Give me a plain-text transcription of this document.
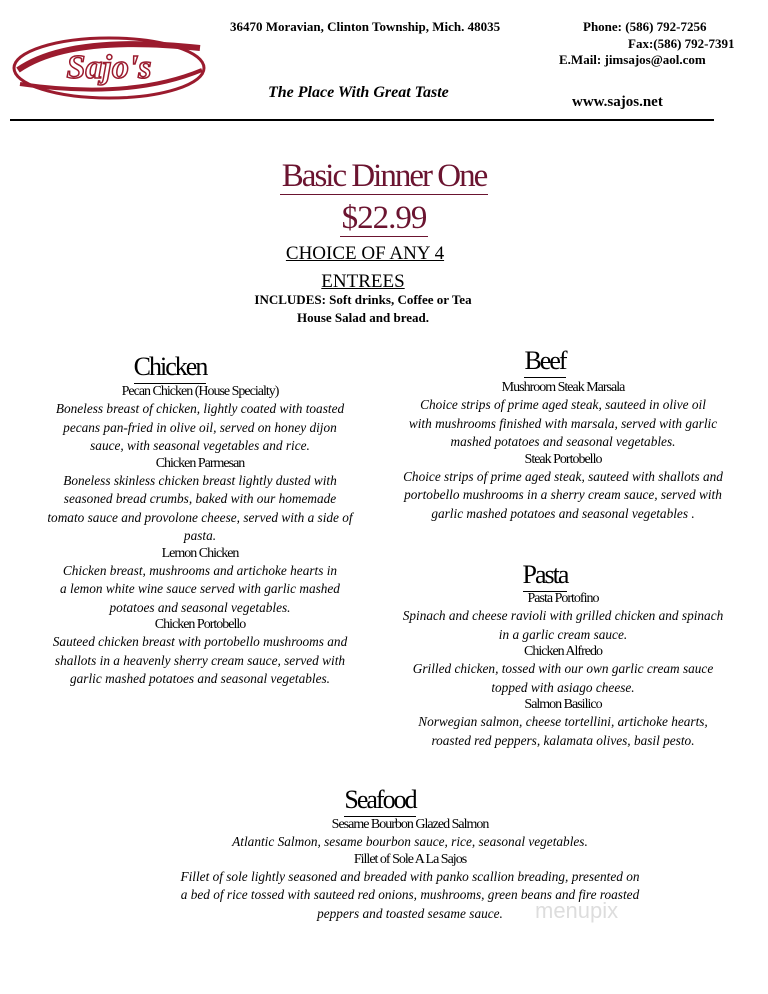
Sajo's
36470 Moravian, Clinton Township, Mich. 48035	Phone: (586) 792-7256
Fax:(586) 792-7391
E.Mail: jimsajos@aol.com
The Place With Great Taste
www.sajos.net
Basic Dinner One
$22.99
CHOICE OF ANY 4
ENTREES
INCLUDES: Soft drinks, Coffee or Tea
House Salad and bread.
Chicken
Pecan Chicken (House Specialty)
Boneless breast of chicken, lightly coated with toasted
pecans pan-fried in olive oil, served on honey dijon
sauce, with seasonal vegetables and rice.
Chicken Parmesan
Boneless skinless chicken breast lightly dusted with
seasoned bread crumbs, baked with our homemade
tomato sauce and provolone cheese, served with a side of
pasta.
Lemon Chicken
Chicken breast, mushrooms and artichoke hearts in
a lemon white wine sauce served with garlic mashed
potatoes and seasonal vegetables.
Chicken Portobello
Sauteed chicken breast with portobello mushrooms and
shallots in a heavenly sherry cream sauce, served with
garlic mashed potatoes and seasonal vegetables.
Beef
Mushroom Steak Marsala
Choice strips of prime aged steak, sauteed in olive oil
with mushrooms finished with marsala, served with garlic
mashed potatoes and seasonal vegetables.
Steak Portobello
Choice strips of prime aged steak, sauteed with shallots and
portobello mushrooms in a sherry cream sauce, served with
garlic mashed potatoes and seasonal vegetables .
Pasta
Pasta Portofino
Spinach and cheese ravioli with grilled chicken and spinach
in a garlic cream sauce.
Chicken Alfredo
Grilled chicken, tossed with our own garlic cream sauce
topped with asiago cheese.
Salmon Basilico
Norwegian salmon, cheese tortellini, artichoke hearts,
roasted red peppers, kalamata olives, basil pesto.
Seafood
Sesame Bourbon Glazed Salmon
Atlantic Salmon, sesame bourbon sauce, rice, seasonal vegetables.
Fillet of Sole A La Sajos
Fillet of sole lightly seasoned and breaded with panko scallion breading, presented on
a bed of rice tossed with sauteed red onions, mushrooms, green beans and fire roasted
peppers and toasted sesame sauce.	menupix
